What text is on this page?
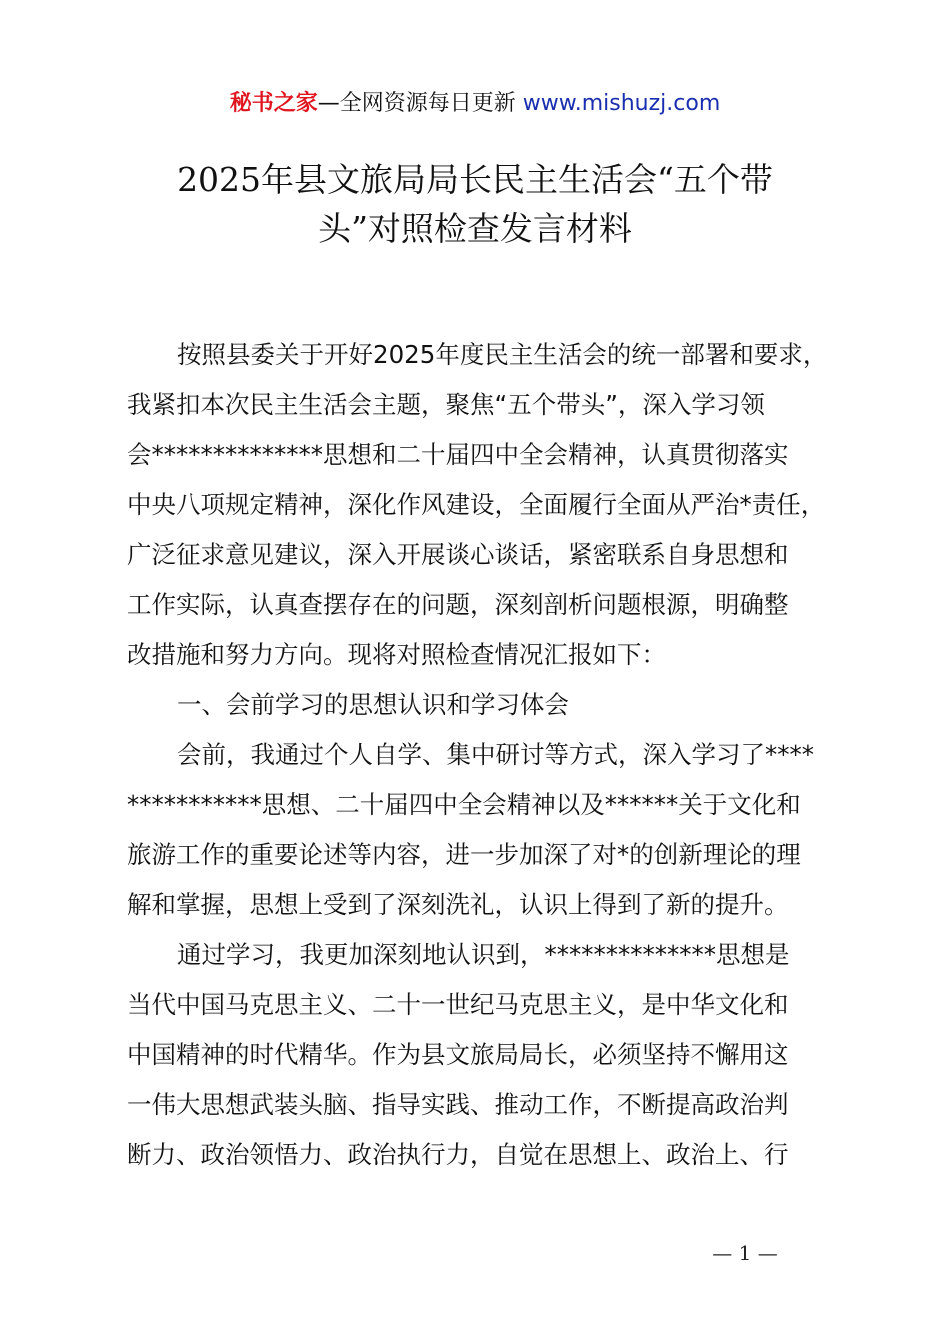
秘书之家—全网资源每日更新 www.mishuzj.com
2025年县文旅局局长民主生活会“五个带
头”对照检查发言材料
按照县委关于开好2025年度民主生活会的统一部署和要求，
我紧扣本次民主生活会主题，聚焦“五个带头”，深入学习领
会**************思想和二十届四中全会精神，认真贯彻落实
中央八项规定精神，深化作风建设，全面履行全面从严治*责任，
广泛征求意见建议，深入开展谈心谈话，紧密联系自身思想和
工作实际，认真查摆存在的问题，深刻剖析问题根源，明确整
改措施和努力方向。现将对照检查情况汇报如下：
一、会前学习的思想认识和学习体会
会前，我通过个人自学、集中研讨等方式，深入学习了****
***********思想、二十届四中全会精神以及******关于文化和
旅游工作的重要论述等内容，进一步加深了对*的创新理论的理
解和掌握，思想上受到了深刻洗礼，认识上得到了新的提升。
通过学习，我更加深刻地认识到，**************思想是
当代中国马克思主义、二十一世纪马克思主义，是中华文化和
中国精神的时代精华。作为县文旅局局长，必须坚持不懈用这
一伟大思想武装头脑、指导实践、推动工作，不断提高政治判
断力、政治领悟力、政治执行力，自觉在思想上、政治上、行
— 1 —
